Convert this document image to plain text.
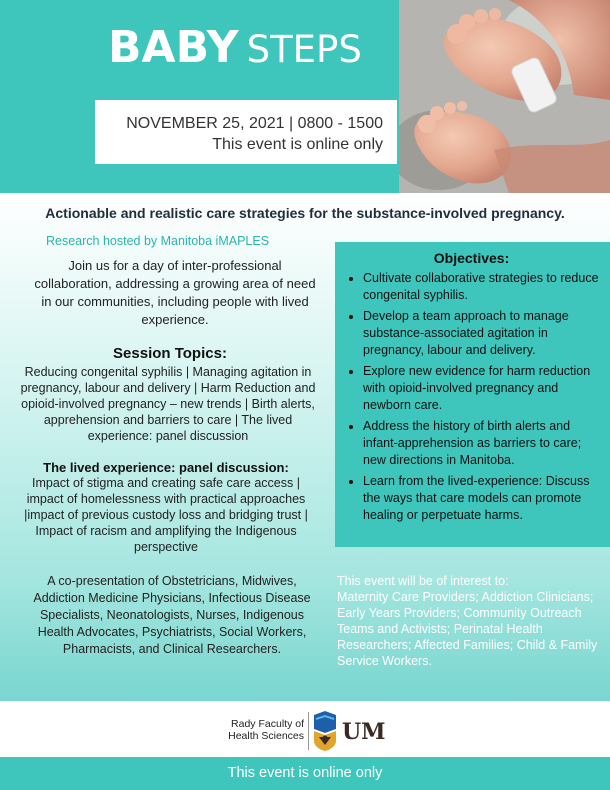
BABY STEPS
NOVEMBER 25, 2021 | 0800 - 1500
This event is online only
Actionable and realistic care strategies for the substance-involved pregnancy.
Research hosted by Manitoba iMAPLES
Join us for a day of inter-professional collaboration, addressing a growing area of need in our communities, including people with lived experience.
Session Topics:
Reducing congenital syphilis | Managing agitation in pregnancy, labour and delivery | Harm Reduction and opioid-involved pregnancy – new trends | Birth alerts, apprehension and barriers to care | The lived experience: panel discussion
The lived experience: panel discussion:
Impact of stigma and creating safe care access | impact of homelessness with practical approaches |impact of previous custody loss and bridging trust | Impact of racism and amplifying the Indigenous perspective
A co-presentation of Obstetricians, Midwives, Addiction Medicine Physicians, Infectious Disease Specialists, Neonatologists, Nurses, Indigenous Health Advocates, Psychiatrists, Social Workers, Pharmacists, and Clinical Researchers.
Objectives:
• Cultivate collaborative strategies to reduce congenital syphilis.
• Develop a team approach to manage substance-associated agitation in pregnancy, labour and delivery.
• Explore new evidence for harm reduction with opioid-involved pregnancy and newborn care.
• Address the history of birth alerts and infant-apprehension as barriers to care; new directions in Manitoba.
• Learn from the lived-experience: Discuss the ways that care models can promote healing or perpetuate harms.
This event will be of interest to:
Maternity Care Providers; Addiction Clinicians; Early Years Providers; Community Outreach Teams and Activists; Perinatal Health Researchers; Affected Families; Child & Family Service Workers.
Rady Faculty of
Health Sciences UM
This event is online only
